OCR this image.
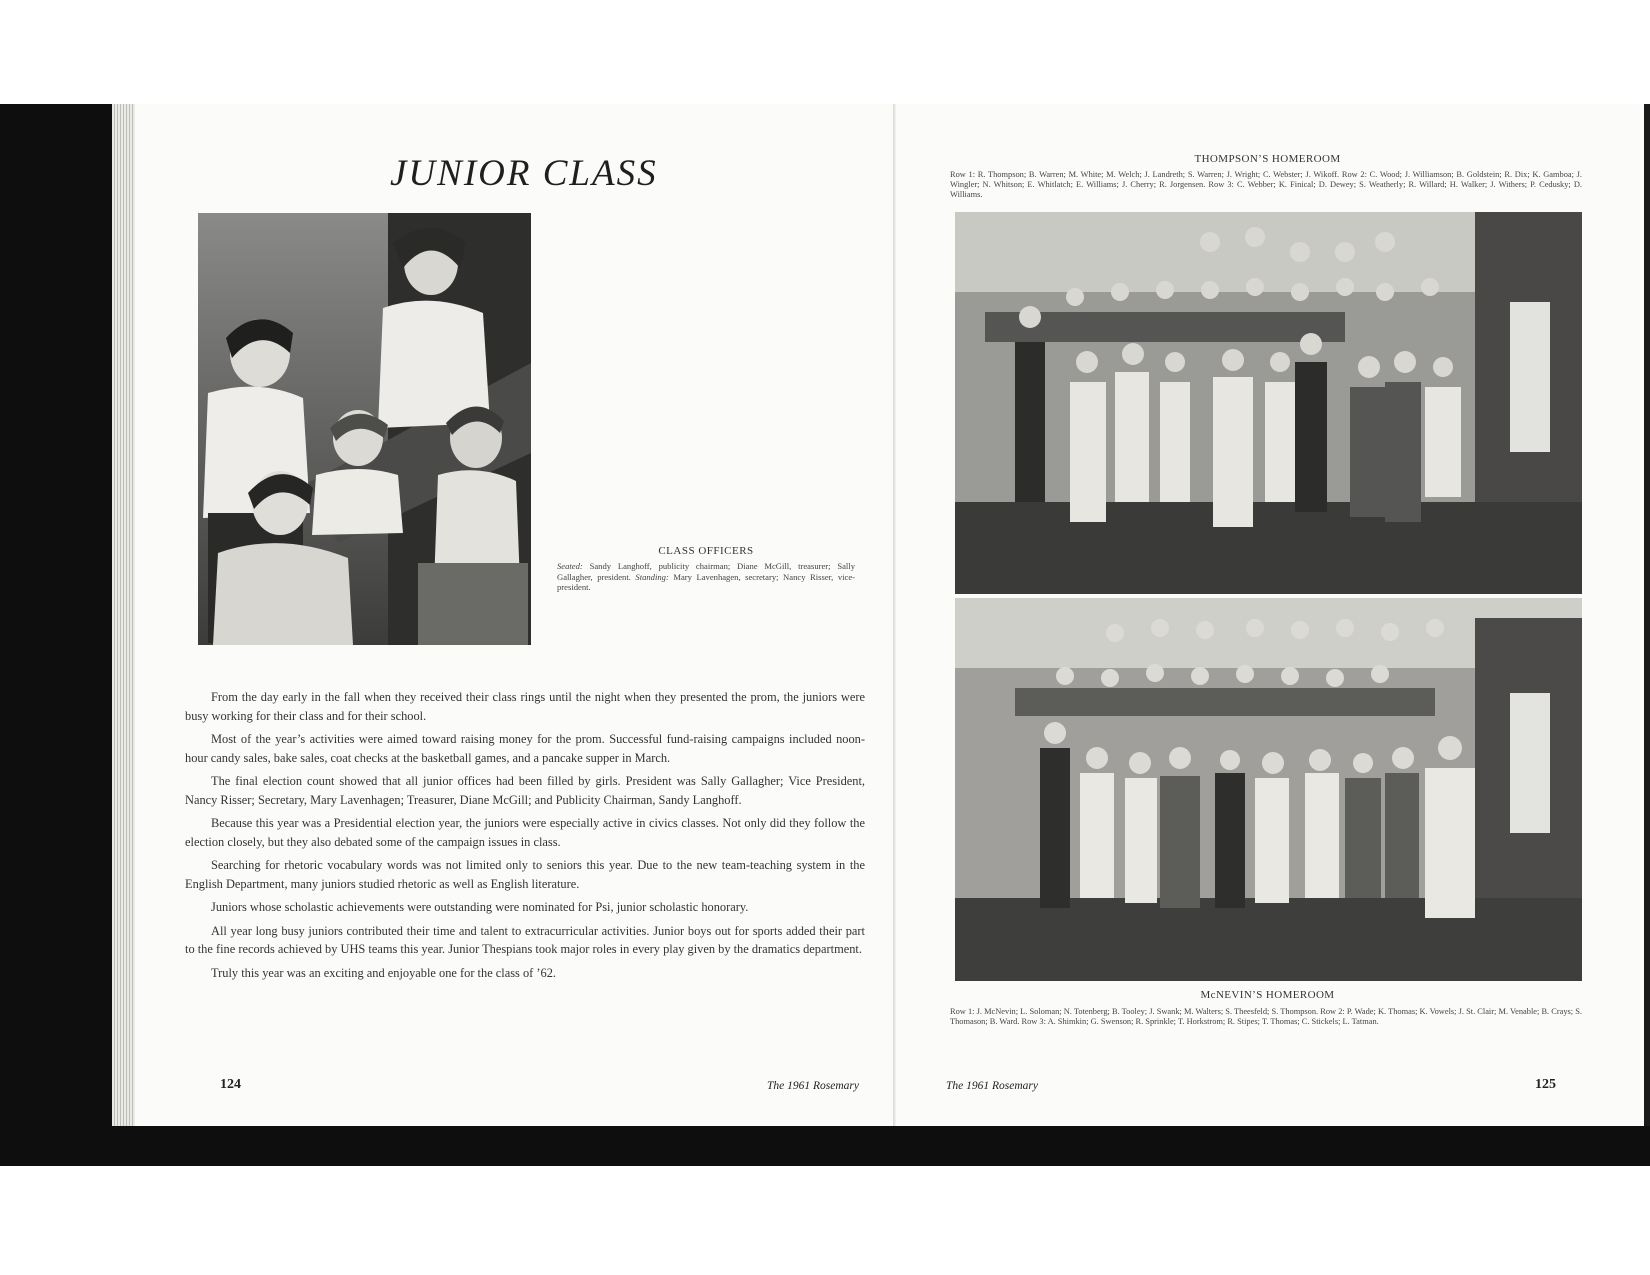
JUNIOR CLASS

CLASS OFFICERS

Seated: Sandy Langhoff, publicity chairman; Diane McGill, treasurer; Sally Gallagher, president. Standing: Mary Lavenhagen, secretary; Nancy Risser, vice-president.

From the day early in the fall when they received their class rings until the night when they presented the prom, the juniors were busy working for their class and for their school.

Most of the year’s activities were aimed toward raising money for the prom. Successful fund-raising campaigns included noon-hour candy sales, bake sales, coat checks at the basketball games, and a pancake supper in March.

The final election count showed that all junior offices had been filled by girls. President was Sally Gallagher; Vice President, Nancy Risser; Secretary, Mary Lavenhagen; Treasurer, Diane McGill; and Publicity Chairman, Sandy Langhoff.

Because this year was a Presidential election year, the juniors were especially active in civics classes. Not only did they follow the election closely, but they also debated some of the campaign issues in class.

Searching for rhetoric vocabulary words was not limited only to seniors this year. Due to the new team-teaching system in the English Department, many juniors studied rhetoric as well as English literature.

Juniors whose scholastic achievements were outstanding were nominated for Psi, junior scholastic honorary.

All year long busy juniors contributed their time and talent to extracurricular activities. Junior boys out for sports added their part to the fine records achieved by UHS teams this year. Junior Thespians took major roles in every play given by the dramatics department.

Truly this year was an exciting and enjoyable one for the class of ’62.

124	The 1961 Rosemary

THOMPSON’S HOMEROOM

Row 1: R. Thompson; B. Warren; M. White; M. Welch; J. Landreth; S. Warren; J. Wright; C. Webster; J. Wikoff. Row 2: C. Wood; J. Williamson; B. Goldstein; R. Dix; K. Gamboa; J. Wingler; N. Whitson; E. Whitlatch; E. Williams; J. Cherry; R. Jorgensen. Row 3: C. Webber; K. Finical; D. Dewey; S. Weatherly; R. Willard; H. Walker; J. Withers; P. Cedusky; D. Williams.

McNEVIN’S HOMEROOM

Row 1: J. McNevin; L. Soloman; N. Totenberg; B. Tooley; J. Swank; M. Walters; S. Theesfeld; S. Thompson. Row 2: P. Wade; K. Thomas; K. Vowels; J. St. Clair; M. Venable; B. Crays; S. Thomason; B. Ward. Row 3: A. Shimkin; G. Swenson; R. Sprinkle; T. Horkstrom; R. Stipes; T. Thomas; C. Stickels; L. Tatman.

The 1961 Rosemary	125
